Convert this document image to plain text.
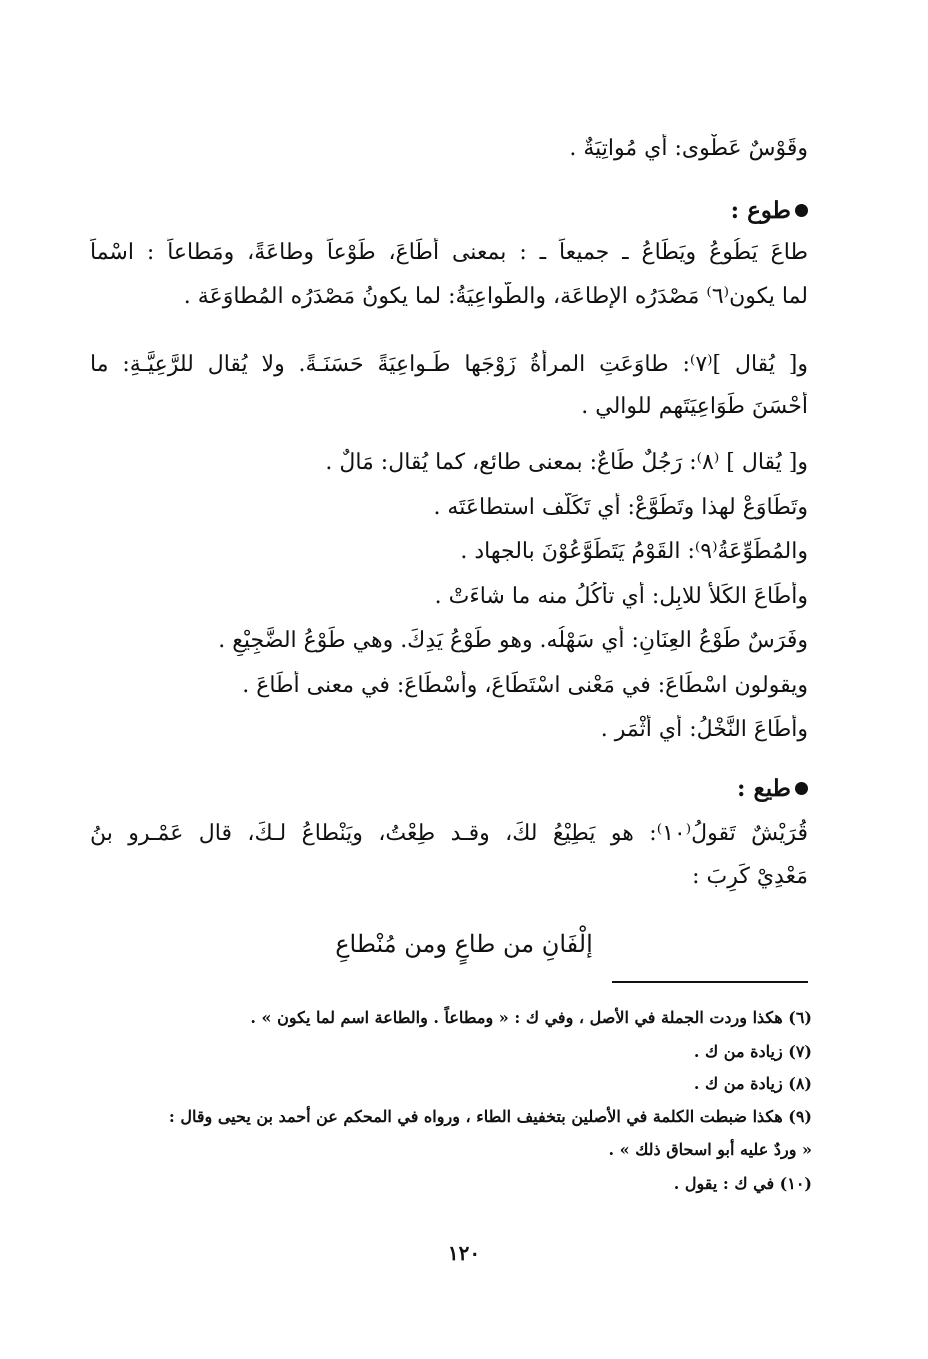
وقَوْسٌ عَطْوى: أي مُواتِيَةٌ .
طوع :
طاعَ يَطُوعُ ويَطَاعُ ـ جميعاً ـ : بمعنى أطَاعَ، طَوْعاً وطاعَةً، ومَطاعاً : اسْماً
لما يكون⁽٦⁾ مَصْدَرُه الإطاعَة، والطَّواعِيَةُ: لما يكونُ مَصْدَرُه المُطاوَعَة .
و[ يُقال ]⁽٧⁾: طاوَعَتِ المرأةُ زَوْجَها طَـواعِيَةً حَسَنَـةً. ولا يُقال للرَّعِيَّـةِ: ما
أحْسَنَ طَوَاعِيَتَهم للوالي .
و[ يُقال ] ⁽٨⁾: رَجُلٌ طَاعٌ: بمعنى طائع، كما يُقال: مَالٌ .
وتَطَاوَعْ لهذا وتَطَوَّعْ: أي تَكَلَّف استطاعَتَه .
والمُطَوِّعَةُ⁽٩⁾: القَوْمُ يَتَطَوَّعُوْنَ بالجهاد .
وأطَاعَ الكَلأ للابِل: أي تأكُلُ منه ما شاءَتْ .
وفَرَسٌ طَوْعُ العِنَانِ: أي سَهْلُه. وهو طَوْعُ يَدِكَ. وهي طَوْعُ الضَّجِيْعِ .
ويقولون اسْطَاعَ: في مَعْنى اسْتَطَاعَ، وأسْطَاعَ: في معنى أطَاعَ .
وأطَاعَ النَّخْلُ: أي أثْمَر .
طيع :
قُرَيْشٌ تَقولُ⁽١٠⁾: هو يَطِيْعُ لكَ، وقـد طِعْتُ، ويَنْطاعُ لـكَ، قال عَمْـرو بنُ
مَعْدِيْ كَرِبَ :
إلْفَانِ من طاعٍ ومن مُنْطاعِ
(٦) هكذا وردت الجملة في الأصل ، وفي ك : « ومطاعاً . والطاعة اسم لما يكون » .
(٧) زيادة من ك .
(٨) زيادة من ك .
(٩) هكذا ضبطت الكلمة في الأصلين بتخفيف الطاء ، ورواه في المحكم عن أحمد بن يحيى وقال :
« وردٌ عليه أبو اسحاق ذلك » .
(١٠) في ك : يقول .
١٢٠
